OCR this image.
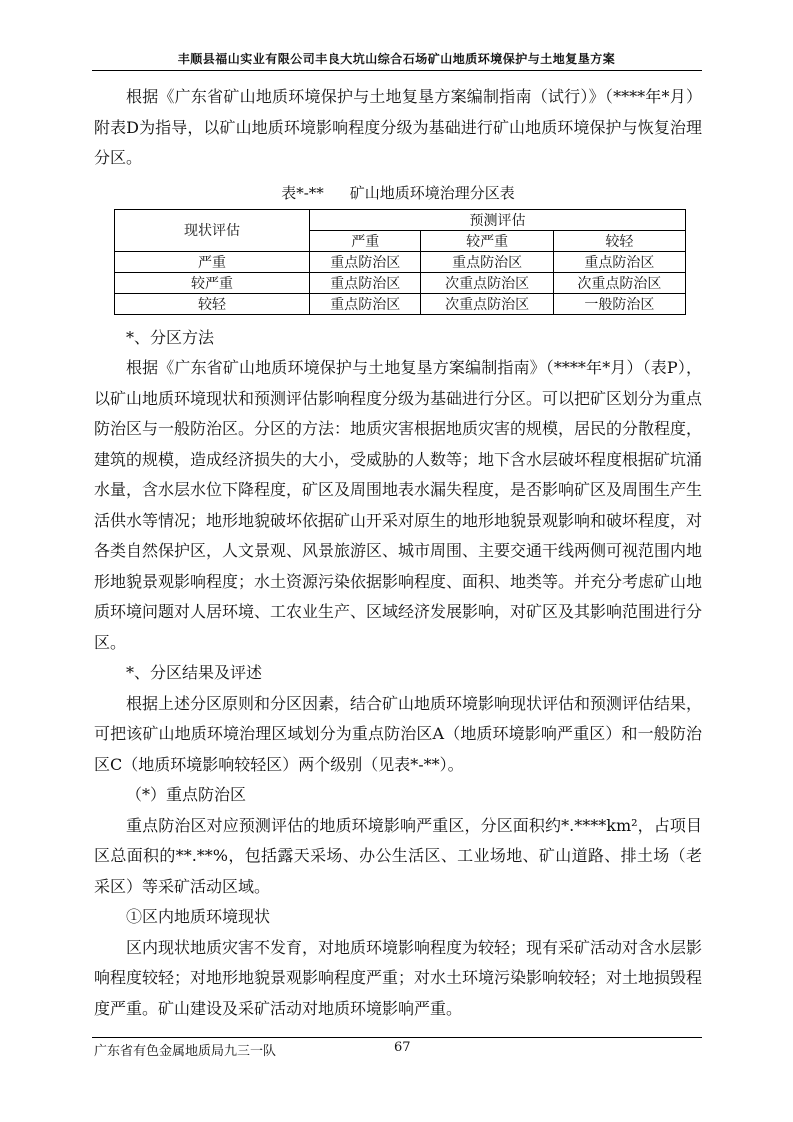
丰顺县福山实业有限公司丰良大坑山综合石场矿山地质环境保护与土地复垦方案

根据《广东省矿山地质环境保护与土地复垦方案编制指南（试行）》（****年*月）附表D为指导，以矿山地质环境影响程度分级为基础进行矿山地质环境保护与恢复治理分区。

表*-** 矿山地质环境治理分区表
现状评估	预测评估		
	严重	较严重	较轻
严重	重点防治区	重点防治区	重点防治区
较严重	重点防治区	次重点防治区	次重点防治区
较轻	重点防治区	次重点防治区	一般防治区

*、分区方法

根据《广东省矿山地质环境保护与土地复垦方案编制指南》（****年*月）（表P），以矿山地质环境现状和预测评估影响程度分级为基础进行分区。可以把矿区划分为重点防治区与一般防治区。分区的方法：地质灾害根据地质灾害的规模，居民的分散程度，建筑的规模，造成经济损失的大小，受威胁的人数等；地下含水层破坏程度根据矿坑涌水量，含水层水位下降程度，矿区及周围地表水漏失程度，是否影响矿区及周围生产生活供水等情况；地形地貌破坏依据矿山开采对原生的地形地貌景观影响和破坏程度，对各类自然保护区，人文景观、风景旅游区、城市周围、主要交通干线两侧可视范围内地形地貌景观影响程度；水土资源污染依据影响程度、面积、地类等。并充分考虑矿山地质环境问题对人居环境、工农业生产、区域经济发展影响，对矿区及其影响范围进行分区。

*、分区结果及评述

根据上述分区原则和分区因素，结合矿山地质环境影响现状评估和预测评估结果，可把该矿山地质环境治理区域划分为重点防治区A（地质环境影响严重区）和一般防治区C（地质环境影响较轻区）两个级别（见表*-**）。

（*）重点防治区

重点防治区对应预测评估的地质环境影响严重区，分区面积约*.****km²，占项目区总面积的**.**%，包括露天采场、办公生活区、工业场地、矿山道路、排土场（老采区）等采矿活动区域。

①区内地质环境现状

区内现状地质灾害不发育，对地质环境影响程度为较轻；现有采矿活动对含水层影响程度较轻；对地形地貌景观影响程度严重；对水土环境污染影响较轻；对土地损毁程度严重。矿山建设及采矿活动对地质环境影响严重。

广东省有色金属地质局九三一队	67
